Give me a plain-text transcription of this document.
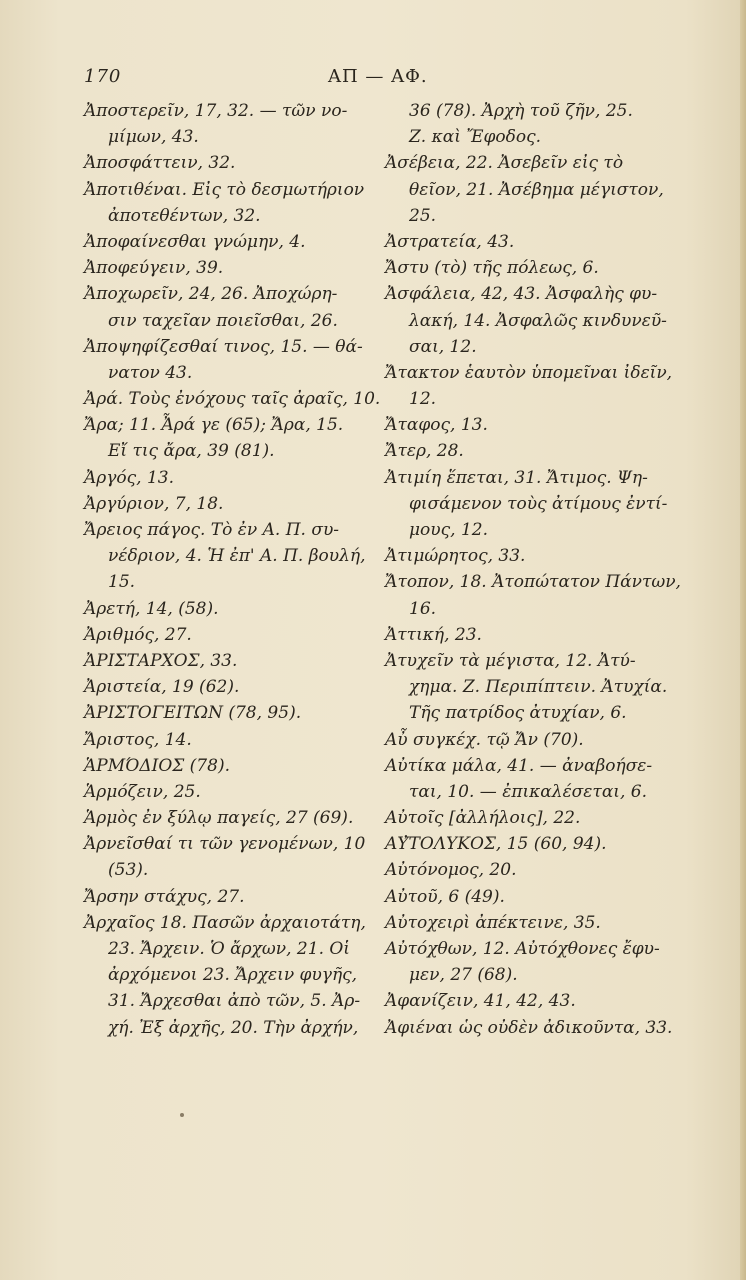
170	ΑΠ — ΑΦ.
Ἀποστερεῖν, 17, 32. — τῶν νο-
μίμων, 43.
Ἀποσφάττειν, 32.
Ἀποτιθέναι. Εἰς τὸ δεσμωτήριον
ἀποτεθέντων, 32.
Ἀποφαίνεσθαι γνώμην, 4.
Ἀποφεύγειν, 39.
Ἀποχωρεῖν, 24, 26. Ἀποχώρη-
σιν ταχεῖαν ποιεῖσθαι, 26.
Ἀποψηφίζεσθαί τινος, 15. — θά-
νατον 43.
Ἀρά. Τοὺς ἐνόχους ταῖς ἀραῖς, 10.
Ἄρα; 11. Ἆρά γε (65); Ἄρα, 15.
Εἴ τις ἄρα, 39 (81).
Ἀργός, 13.
Ἀργύριον, 7, 18.
Ἄρειος πάγος. Τὸ ἐν Α. Π. συ-
νέδριον, 4. Ἡ ἐπ' Α. Π. βουλή,
15.
Ἀρετή, 14, (58).
Ἀριθμός, 27.
ἈΡΙΣΤΑΡΧΟΣ, 33.
Ἀριστεία, 19 (62).
ἈΡΙΣΤΟΓΕΙΤΩΝ (78, 95).
Ἄριστος, 14.
ἉΡΜΌΔΙΟΣ (78).
Ἁρμόζειν, 25.
Ἁρμὸς ἐν ξύλῳ παγείς, 27 (69).
Ἀρνεῖσθαί τι τῶν γενομένων, 10
(53).
Ἄρσην στάχυς, 27.
Ἀρχαῖος 18. Πασῶν ἀρχαιοτάτη,
23. Ἄρχειν. Ὁ ἄρχων, 21. Οἱ
ἀρχόμενοι 23. Ἄρχειν φυγῆς,
31. Ἄρχεσθαι ἀπὸ τῶν, 5. Ἀρ-
χή. Ἐξ ἀρχῆς, 20. Τὴν ἀρχήν,
36 (78). Ἀρχὴ τοῦ ζῆν, 25.
Ζ. καὶ Ἔφοδος.
Ἀσέβεια, 22. Ἀσεβεῖν εἰς τὸ
θεῖον, 21. Ἀσέβημα μέγιστον,
25.
Ἀστρατεία, 43.
Ἄστυ (τὸ) τῆς πόλεως, 6.
Ἀσφάλεια, 42, 43. Ἀσφαλὴς φυ-
λακή, 14. Ἀσφαλῶς κινδυνεῦ-
σαι, 12.
Ἄτακτον ἑαυτὸν ὑπομεῖναι ἰδεῖν,
12.
Ἄταφος, 13.
Ἄτερ, 28.
Ἀτιμίη ἕπεται, 31. Ἄτιμος. Ψη-
φισάμενον τοὺς ἀτίμους ἐντί-
μους, 12.
Ἀτιμώρητος, 33.
Ἄτοπον, 18. Ἀτοπώτατον Πάντων,
16.
Ἀττική, 23.
Ἀτυχεῖν τὰ μέγιστα, 12. Ἀτύ-
χημα. Ζ. Περιπίπτειν. Ἀτυχία.
Τῆς πατρίδος ἀτυχίαν, 6.
Αὖ συγκέχ. τῷ Ἄν (70).
Αὐτίκα μάλα, 41. — ἀναβοήσε-
ται, 10. — ἐπικαλέσεται, 6.
Αὐτοῖς [ἀλλήλοις], 22.
ΑΥ̓ΤΟΛΥΚΟΣ, 15 (60, 94).
Αὐτόνομος, 20.
Αὐτοῦ, 6 (49).
Αὐτοχειρὶ ἀπέκτεινε, 35.
Αὐτόχθων, 12. Αὐτόχθονες ἔφυ-
μεν, 27 (68).
Ἀφανίζειν, 41, 42, 43.
Ἀφιέναι ὡς οὐδὲν ἀδικοῦντα, 33.
